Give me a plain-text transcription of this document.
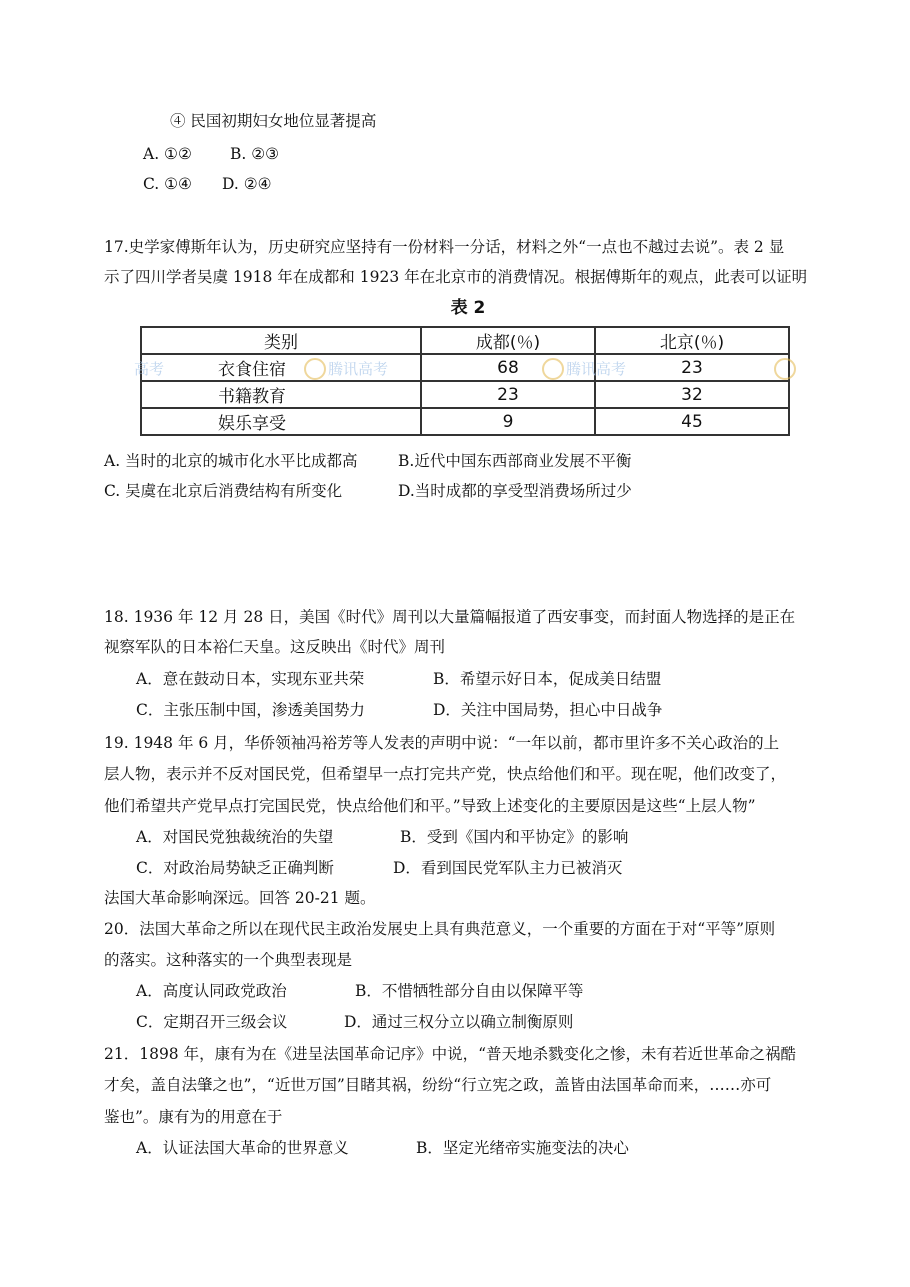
④ 民国初期妇女地位显著提高
A. ①② B. ②③
C. ①④ D. ②④
17.史学家傅斯年认为，历史研究应坚持有一份材料一分话，材料之外“一点也不越过去说”。表 2 显
示了四川学者吴虞 1918 年在成都和 1923 年在北京市的消费情况。根据傅斯年的观点，此表可以证明
表 2
类别	成都(％)	北京(％)
衣食住宿	68	23
书籍教育	23	32
娱乐享受	9	45
高考	腾讯高考	腾讯高考
A. 当时的北京的城市化水平比成都高	B.近代中国东西部商业发展不平衡
C. 吴虞在北京后消费结构有所变化	D.当时成都的享受型消费场所过少
18. 1936 年 12 月 28 日，美国《时代》周刊以大量篇幅报道了西安事变，而封面人物选择的是正在
视察军队的日本裕仁天皇。这反映出《时代》周刊
A．意在鼓动日本，实现东亚共荣	B．希望示好日本，促成美日结盟
C．主张压制中国，渗透美国势力	D．关注中国局势，担心中日战争
19. 1948 年 6 月，华侨领袖冯裕芳等人发表的声明中说：“一年以前，都市里许多不关心政治的上
层人物，表示并不反对国民党，但希望早一点打完共产党，快点给他们和平。现在呢，他们改变了，
他们希望共产党早点打完国民党，快点给他们和平。”导致上述变化的主要原因是这些“上层人物”
A．对国民党独裁统治的失望	B．受到《国内和平协定》的影响
C．对政治局势缺乏正确判断	D．看到国民党军队主力已被消灭
法国大革命影响深远。回答 20-21 题。
20．法国大革命之所以在现代民主政治发展史上具有典范意义，一个重要的方面在于对“平等”原则
的落实。这种落实的一个典型表现是
A．高度认同政党政治	B．不惜牺牲部分自由以保障平等
C．定期召开三级会议	D．通过三权分立以确立制衡原则
21．1898 年，康有为在《进呈法国革命记序》中说，“普天地杀戮变化之惨，未有若近世革命之祸酷
才矣，盖自法肇之也”，“近世万国”目睹其祸，纷纷“行立宪之政，盖皆由法国革命而来，……亦可
鉴也”。康有为的用意在于
A．认证法国大革命的世界意义	B．坚定光绪帝实施变法的决心
